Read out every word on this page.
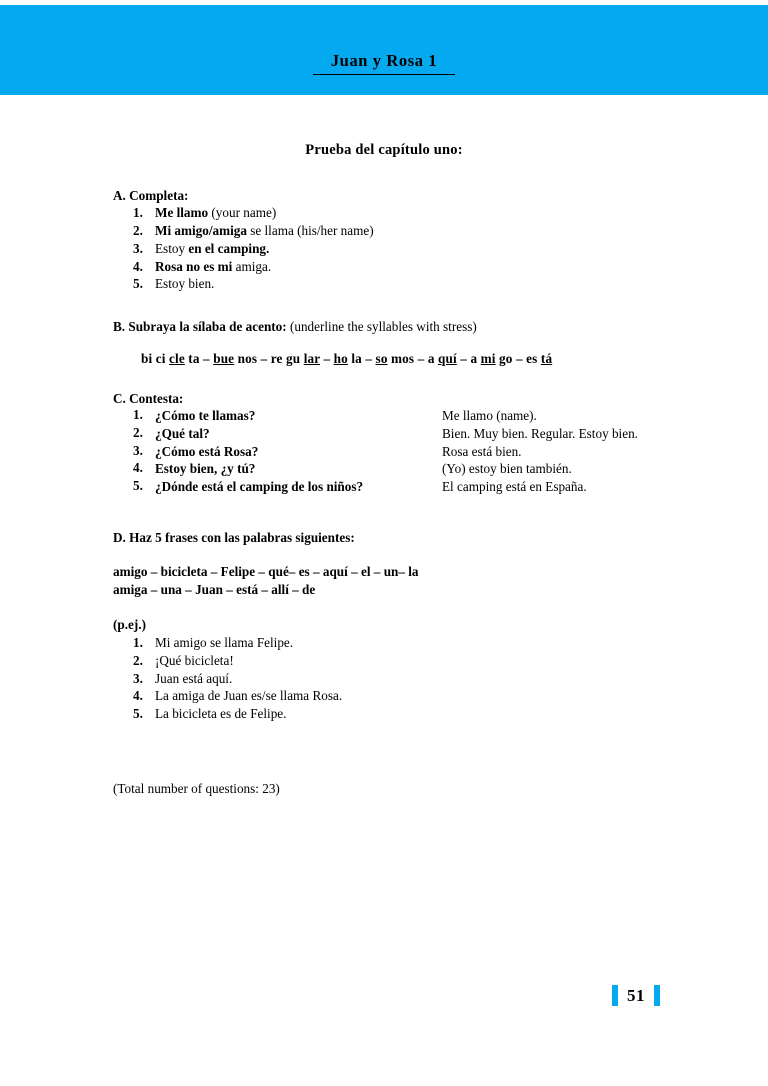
Juan y Rosa 1
Prueba del capítulo uno:
A. Completa:
1. Me llamo (your name)
2. Mi amigo/amiga se llama (his/her name)
3. Estoy en el camping.
4. Rosa no es mi amiga.
5. Estoy bien.
B. Subraya la sílaba de acento: (underline the syllables with stress)
bi ci cle ta – bue nos – re gu lar – ho la – so mos – a quí – a mi go – es tá
C. Contesta:
1. ¿Cómo te llamas?	Me llamo (name).
2. ¿Qué tal?	Bien. Muy bien. Regular. Estoy bien.
3. ¿Cómo está Rosa?	Rosa está bien.
4. Estoy bien, ¿y tú?	(Yo) estoy bien también.
5. ¿Dónde está el camping de los niños?	El camping está en España.
D. Haz 5 frases con las palabras siguientes:
amigo – bicicleta – Felipe – qué– es – aquí – el – un– la
amiga – una – Juan – está – allí – de
(p.ej.)
1. Mi amigo se llama Felipe.
2. ¡Qué bicicleta!
3. Juan está aquí.
4. La amiga de Juan es/se llama Rosa.
5. La bicicleta es de Felipe.
(Total number of questions: 23)
51
